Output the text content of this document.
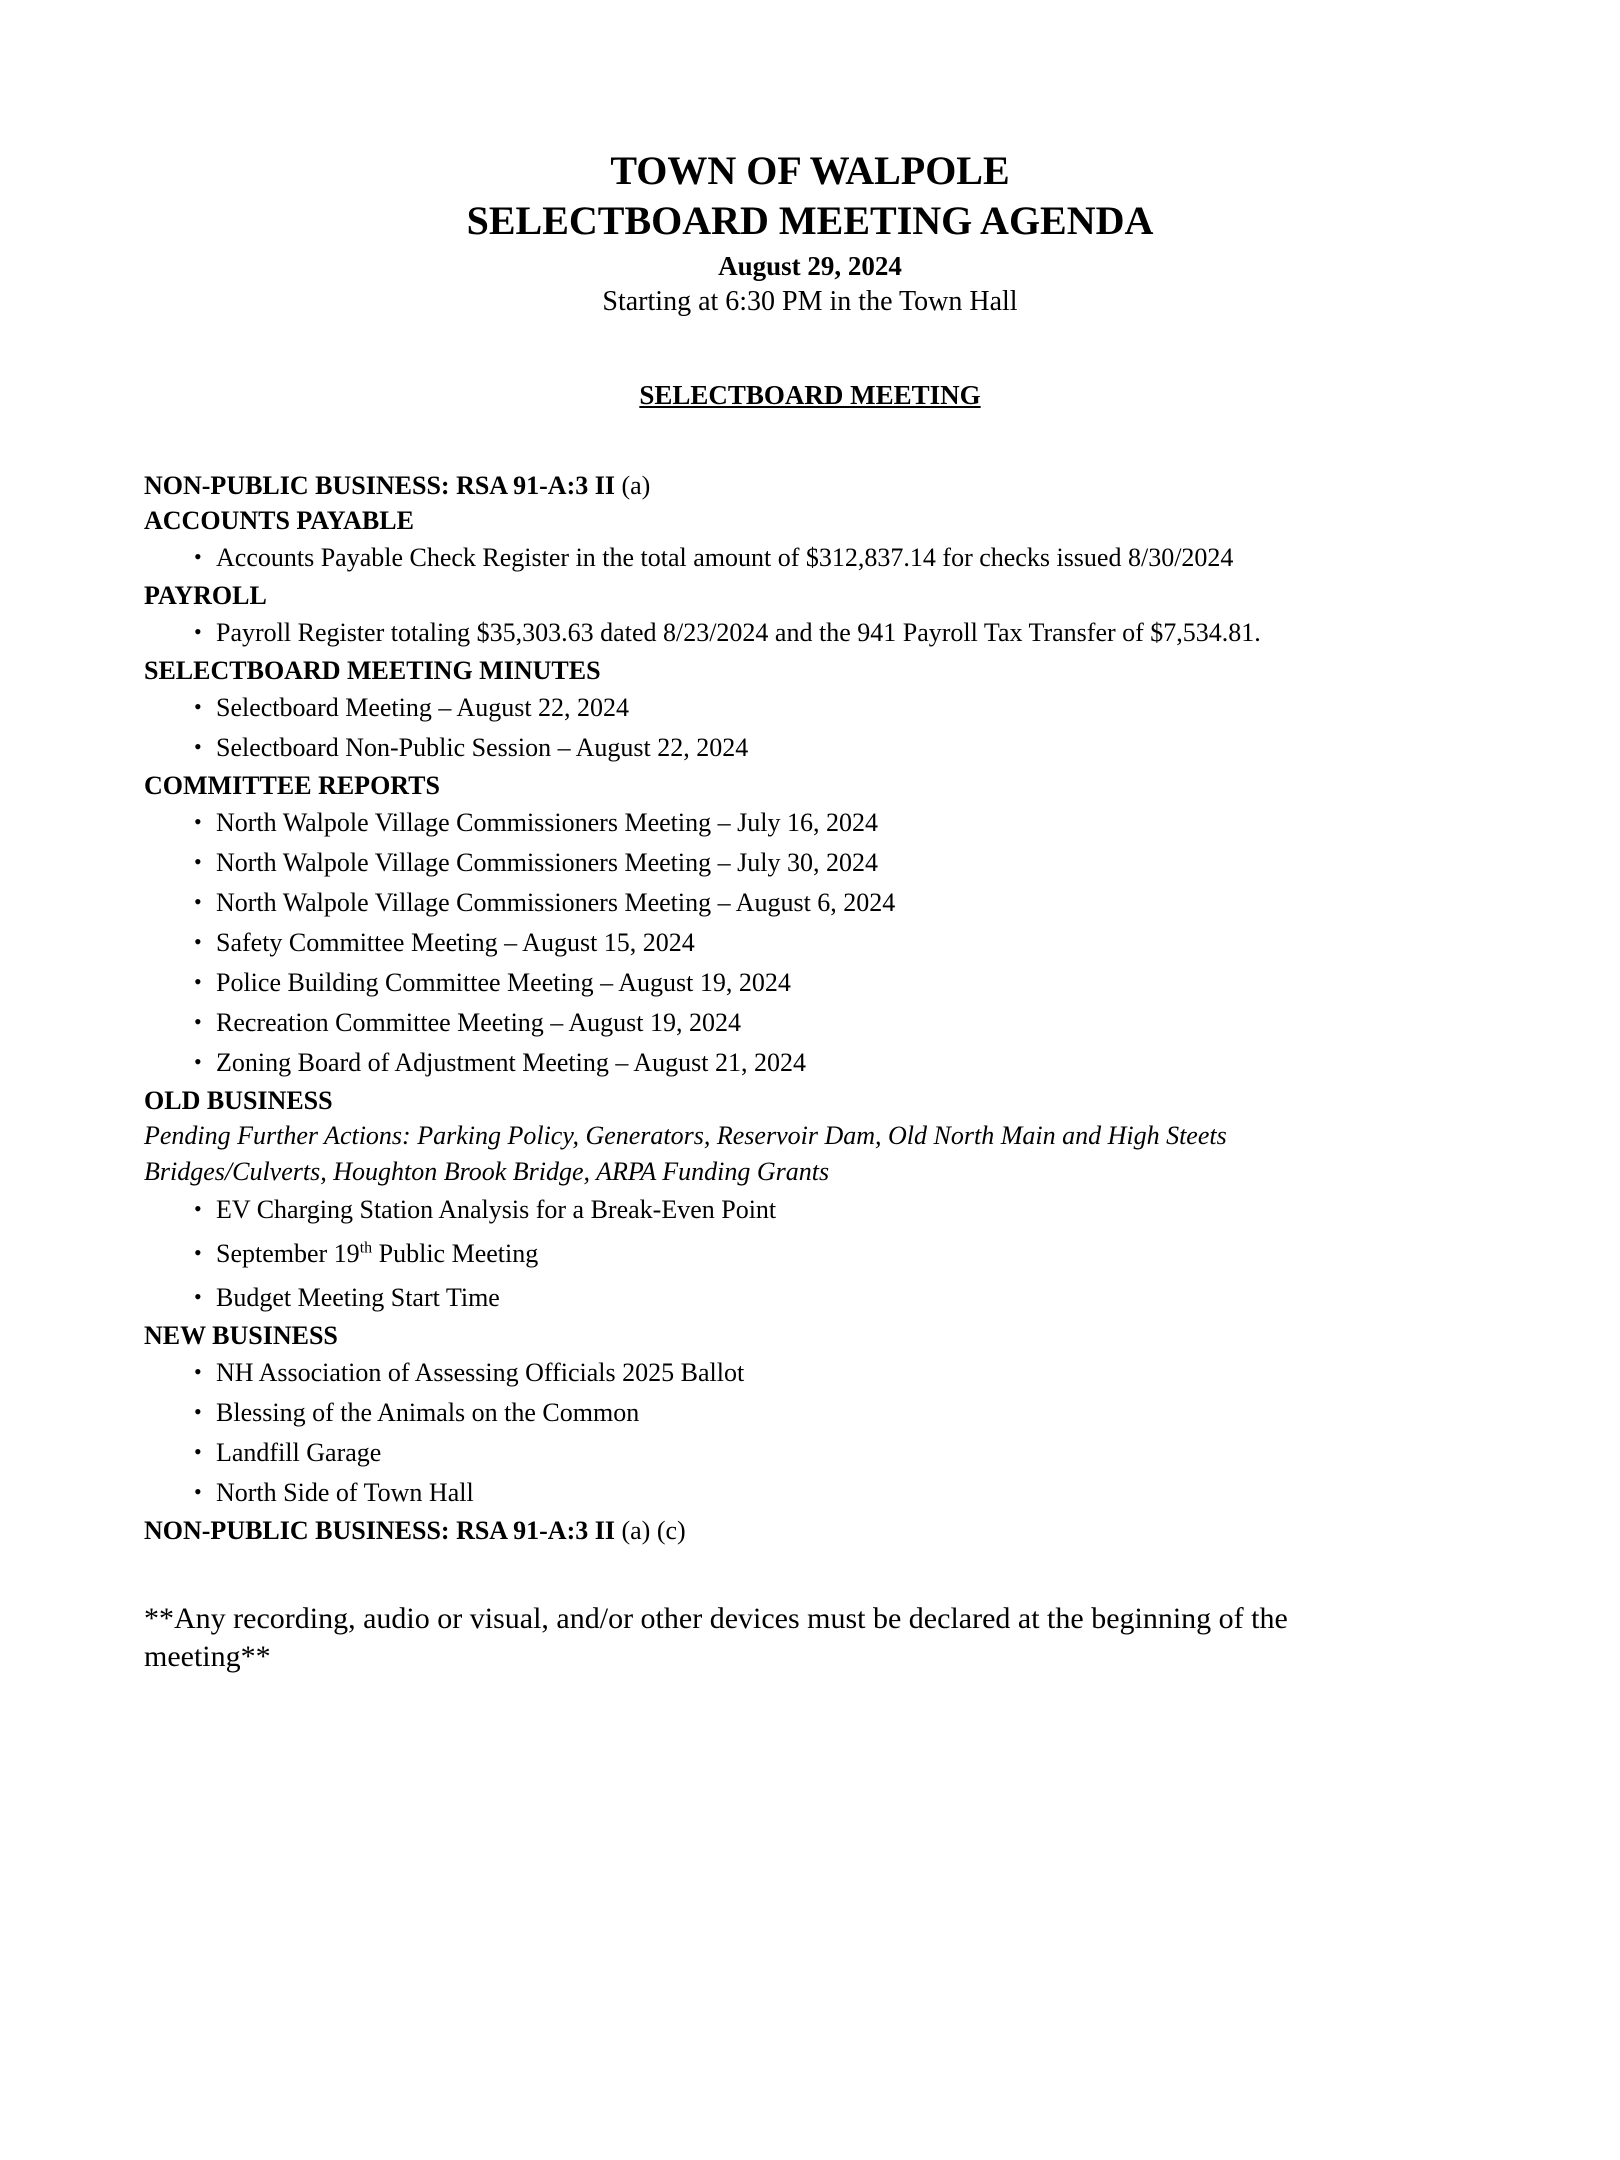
TOWN OF WALPOLE

SELECTBOARD MEETING AGENDA

August 29, 2024

Starting at 6:30 PM in the Town Hall

SELECTBOARD MEETING

NON-PUBLIC BUSINESS: RSA 91-A:3 II (a)

ACCOUNTS PAYABLE

• Accounts Payable Check Register in the total amount of $312,837.14 for checks issued 8/30/2024

PAYROLL

• Payroll Register totaling $35,303.63 dated 8/23/2024 and the 941 Payroll Tax Transfer of $7,534.81.

SELECTBOARD MEETING MINUTES

• Selectboard Meeting – August 22, 2024
• Selectboard Non-Public Session – August 22, 2024

COMMITTEE REPORTS

• North Walpole Village Commissioners Meeting – July 16, 2024
• North Walpole Village Commissioners Meeting – July 30, 2024
• North Walpole Village Commissioners Meeting – August 6, 2024
• Safety Committee Meeting – August 15, 2024
• Police Building Committee Meeting – August 19, 2024
• Recreation Committee Meeting – August 19, 2024
• Zoning Board of Adjustment Meeting – August 21, 2024

OLD BUSINESS

Pending Further Actions: Parking Policy, Generators, Reservoir Dam, Old North Main and High Steets

Bridges/Culverts, Houghton Brook Bridge, ARPA Funding Grants

• EV Charging Station Analysis for a Break-Even Point
• September 19th Public Meeting
• Budget Meeting Start Time

NEW BUSINESS

• NH Association of Assessing Officials 2025 Ballot
• Blessing of the Animals on the Common
• Landfill Garage
• North Side of Town Hall

NON-PUBLIC BUSINESS: RSA 91-A:3 II (a) (c)

**Any recording, audio or visual, and/or other devices must be declared at the beginning of the
meeting**
